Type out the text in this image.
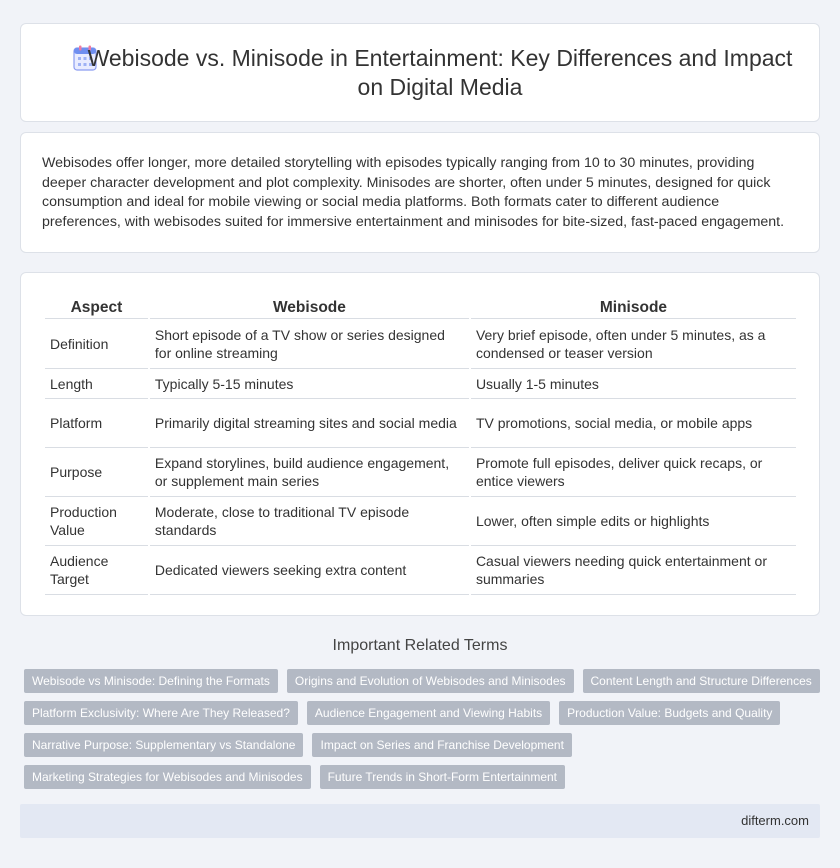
Webisode vs. Minisode in Entertainment: Key Differences and Impact on Digital Media

Webisodes offer longer, more detailed storytelling with episodes typically ranging from 10 to 30 minutes, providing deeper character development and plot complexity. Minisodes are shorter, often under 5 minutes, designed for quick consumption and ideal for mobile viewing or social media platforms. Both formats cater to different audience preferences, with webisodes suited for immersive entertainment and minisodes for bite-sized, fast-paced engagement.

Aspect	Webisode	Minisode
Definition	Short episode of a TV show or series designed for online streaming	Very brief episode, often under 5 minutes, as a condensed or teaser version
Length	Typically 5-15 minutes	Usually 1-5 minutes
Platform	Primarily digital streaming sites and social media	TV promotions, social media, or mobile apps
Purpose	Expand storylines, build audience engagement, or supplement main series	Promote full episodes, deliver quick recaps, or entice viewers
Production Value	Moderate, close to traditional TV episode standards	Lower, often simple edits or highlights
Audience Target	Dedicated viewers seeking extra content	Casual viewers needing quick entertainment or summaries
Important Related Terms
Webisode vs Minisode: Defining the Formats	Origins and Evolution of Webisodes and Minisodes	Content Length and Structure Differences
Platform Exclusivity: Where Are They Released?	Audience Engagement and Viewing Habits	Production Value: Budgets and Quality
Narrative Purpose: Supplementary vs Standalone	Impact on Series and Franchise Development
Marketing Strategies for Webisodes and Minisodes	Future Trends in Short-Form Entertainment
difterm.com
